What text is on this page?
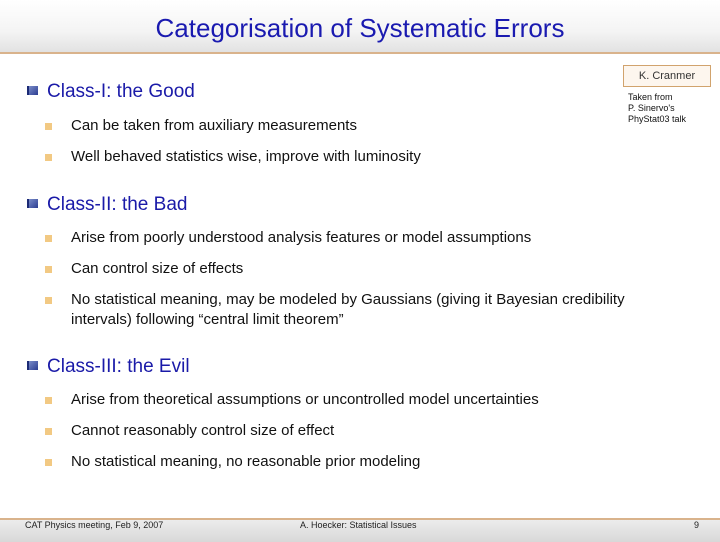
Categorisation of Systematic Errors
K. Cranmer
Taken from
P. Sinervo's
PhyStat03 talk
Class‑I: the Good
Can be taken from auxiliary measurements
Well behaved statistics wise, improve with luminosity
Class‑II: the Bad
Arise from poorly understood analysis features or model assumptions
Can control size of effects
No statistical meaning, may be modeled by Gaussians (giving it Bayesian credibility intervals) following “central limit theorem”
Class‑III: the Evil
Arise from theoretical assumptions or uncontrolled model uncertainties
Cannot reasonably control size of effect
No statistical meaning, no reasonable prior modeling
CAT Physics meeting, Feb 9, 2007	A. Hoecker: Statistical Issues	9
